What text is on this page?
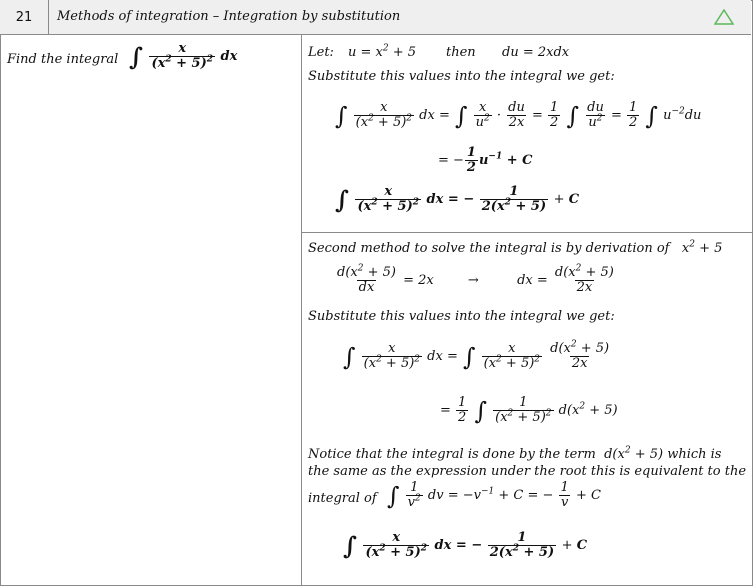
21	Methods of integration – Integration by substitution
Find the integral ∫ $\frac{x}{(x^2 + 5)^2}$ dx	Let: $u = x^2 + 5$ then du = 2xdx
Substitute this values into the integral we get:
∫ $\frac{x}{(x^2 + 5)^2}$ dx = ∫ $\frac{x}{u^2} \cdot \frac{du}{2x} = \frac{1}{2}$ ∫ $\frac{du}{u^2} = \frac{1}{2}$ ∫ $u^{-2}du$
= − $\frac{1}{2} u^{-1} + C$
∫ $\frac{x}{(x^2 + 5)^2}$ dx = − $\frac{1}{2(x^2 + 5)} + C$
Second method to solve the integral is by derivation of   $x^2 + 5$
$\frac{d(x^2 + 5)}{dx} = 2x$	→	dx = $\frac{d(x^2 + 5)}{2x}$
Substitute this values into the integral we get:
∫ $\frac{x}{(x^2 + 5)^2}$ dx = ∫ $\frac{x}{(x^2 + 5)^2}$
$\frac{d(x^2 + 5)}{2x}$
= $\frac{1}{2}$ ∫ $\frac{1}{(x^2 + 5)^2} d(x^2 + 5)$
Notice that the integral is done by the term  $d(x^2 + 5)$ which is
the same as the expression under the root this is equivalent to the
integral of ∫ $\frac{1}{v^2}$ dv = $-v^{-1} + C$ = − $\frac{1}{v} + C$
∫ $\frac{x}{(x^2 + 5)^2}$ dx = − $\frac{1}{2(x^2 + 5)} + C$
